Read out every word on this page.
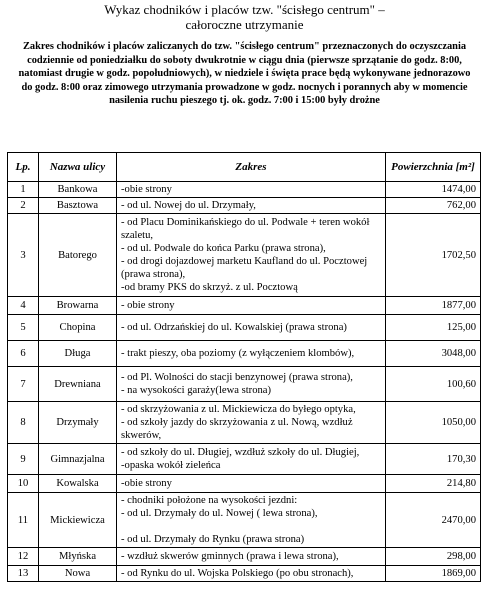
Wykaz chodników i placów tzw. "ścisłego centrum" –
całoroczne utrzymanie
Zakres chodników i placów zaliczanych do tzw. "ścisłego centrum" przeznaczonych do oczyszczania codziennie od poniedziałku do soboty dwukrotnie w ciągu dnia (pierwsze sprzątanie do godz. 8:00, natomiast drugie w godz. popołudniowych), w niedziele i święta prace będą wykonywane jednorazowo do godz. 8:00 oraz zimowego utrzymania prowadzone w godz. nocnych i porannych aby w momencie nasilenia ruchu pieszego tj. ok. godz. 7:00 i 15:00 były drożne
Lp.	Nazwa ulicy	Zakres	Powierzchnia [m²]
1	Bankowa	-obie strony	1474,00
2	Basztowa	- od ul. Nowej do ul. Drzymały,	762,00
3	Batorego	- od Placu Dominikańskiego do ul. Podwale + teren wokół szaletu,
- od ul. Podwale do końca Parku (prawa strona),
- od drogi dojazdowej marketu Kaufland do ul. Pocztowej (prawa strona),
-od bramy PKS do skrzyż. z ul. Pocztową	1702,50
4	Browarna	- obie strony	1877,00
5	Chopina	- od ul. Odrzańskiej do ul. Kowalskiej (prawa strona)	125,00
6	Długa	- trakt pieszy, oba poziomy (z wyłączeniem klombów),	3048,00
7	Drewniana	- od Pl. Wolności do stacji benzynowej (prawa strona),
- na wysokości garaży(lewa strona)	100,60
8	Drzymały	- od skrzyżowania z ul. Mickiewicza do byłego optyka,
- od szkoły jazdy do skrzyżowania z ul. Nową, wzdłuż skwerów,	1050,00
9	Gimnazjalna	- od szkoły do ul. Długiej, wzdłuż szkoły do ul. Długiej,
-opaska wokół zieleńca	170,30
10	Kowalska	-obie strony	214,80
11	Mickiewicza	- chodniki położone na wysokości jezdni:
- od ul. Drzymały do ul. Nowej ( lewa strona),

- od ul. Drzymały do Rynku (prawa strona)	2470,00
12	Młyńska	- wzdłuż skwerów gminnych (prawa i lewa strona),	298,00
13	Nowa	- od Rynku do ul. Wojska Polskiego (po obu stronach),	1869,00
